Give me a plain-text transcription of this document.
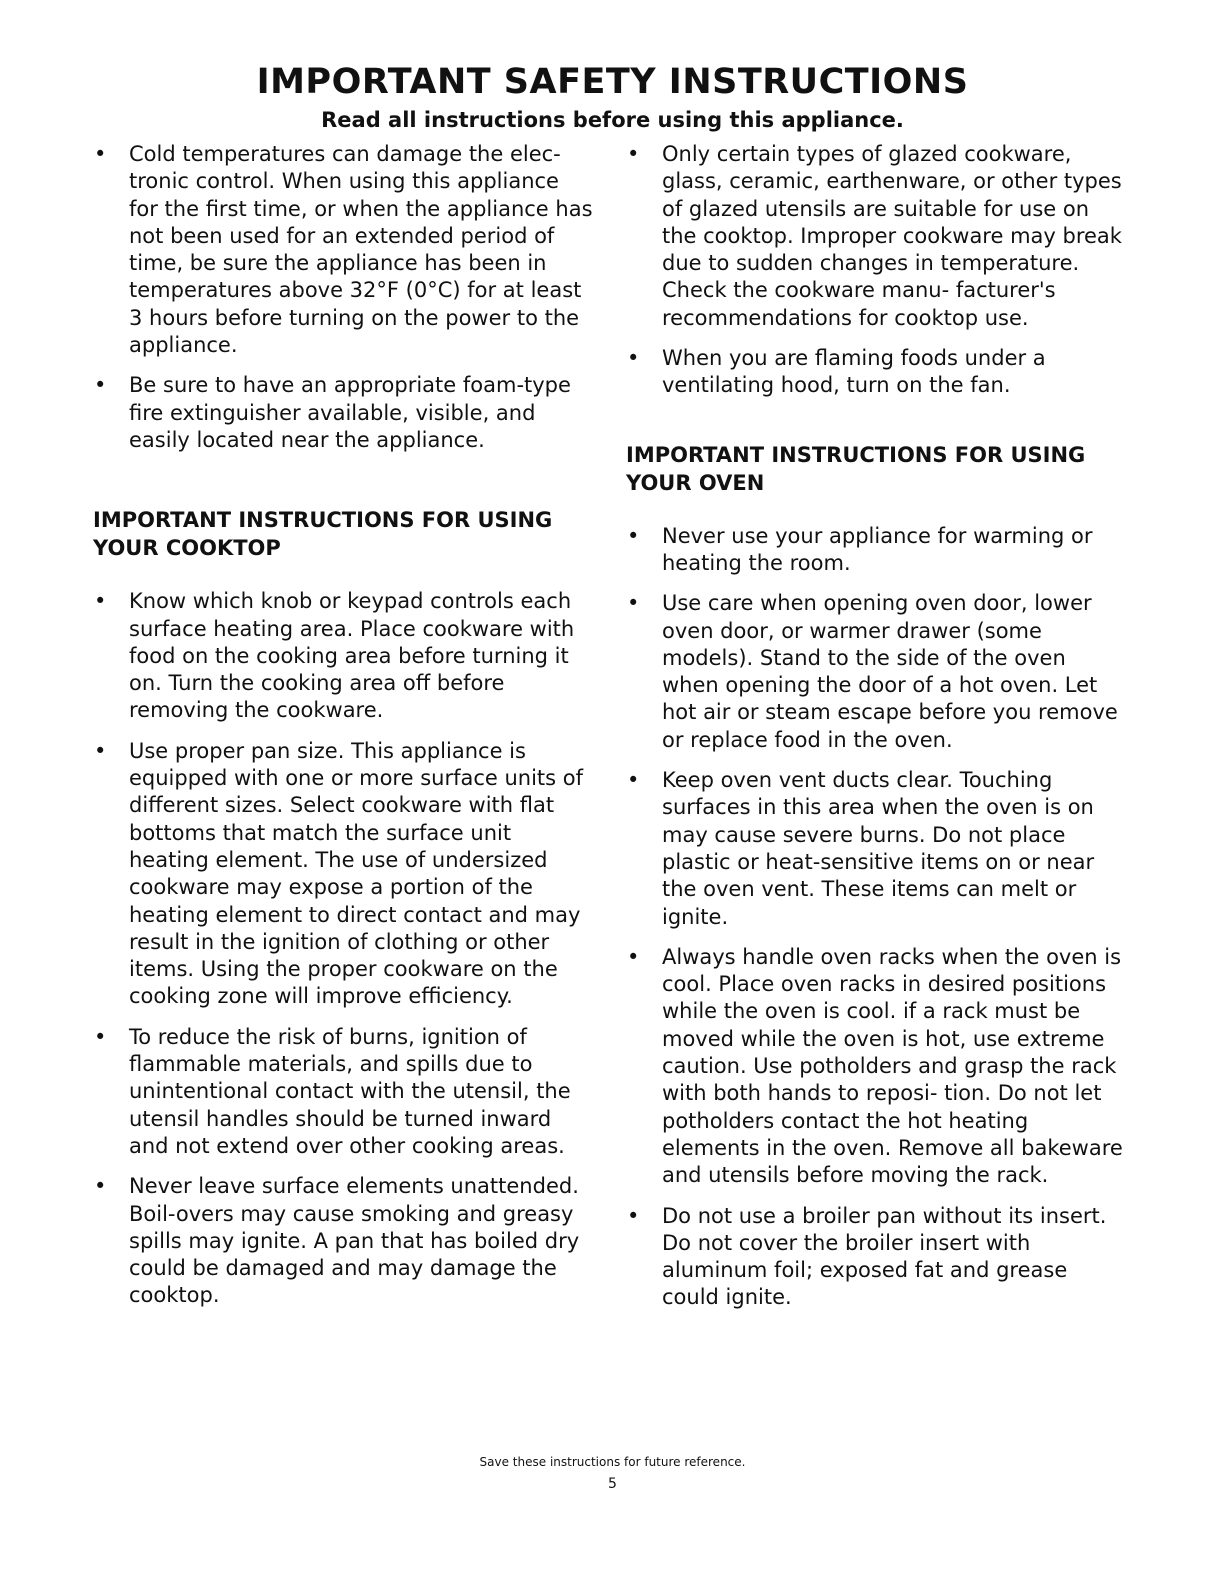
IMPORTANT SAFETY INSTRUCTIONS

Read all instructions before using this appliance.

• Cold temperatures can damage the elec- tronic control. When using this appliance for the first time, or when the appliance has not been used for an extended period of time, be sure the appliance has been in temperatures above 32°F (0°C) for at least 3 hours before turning on the power to the appliance.
• Be sure to have an appropriate foam-type fire extinguisher available, visible, and easily located near the appliance.
IMPORTANT INSTRUCTIONS FOR USING YOUR COOKTOP
• Know which knob or keypad controls each surface heating area. Place cookware with food on the cooking area before turning it on. Turn the cooking area off before removing the cookware.
• Use proper pan size. This appliance is equipped with one or more surface units of different sizes. Select cookware with flat bottoms that match the surface unit heating element. The use of undersized cookware may expose a portion of the heating element to direct contact and may result in the ignition of clothing or other items. Using the proper cookware on the cooking zone will improve efficiency.
• To reduce the risk of burns, ignition of flammable materials, and spills due to unintentional contact with the utensil, the utensil handles should be turned inward and not extend over other cooking areas.
• Never leave surface elements unattended. Boil-overs may cause smoking and greasy spills may ignite. A pan that has boiled dry could be damaged and may damage the cooktop.
• Only certain types of glazed cookware, glass, ceramic, earthenware, or other types of glazed utensils are suitable for use on the cooktop. Improper cookware may break due to sudden changes in temperature. Check the cookware manu- facturer's recommendations for cooktop use.
• When you are flaming foods under a ventilating hood, turn on the fan.
IMPORTANT INSTRUCTIONS FOR USING YOUR OVEN
• Never use your appliance for warming or heating the room.
• Use care when opening oven door, lower oven door, or warmer drawer (some models). Stand to the side of the oven when opening the door of a hot oven. Let hot air or steam escape before you remove or replace food in the oven.
• Keep oven vent ducts clear. Touching surfaces in this area when the oven is on may cause severe burns. Do not place plastic or heat-sensitive items on or near the oven vent. These items can melt or ignite.
• Always handle oven racks when the oven is cool. Place oven racks in desired positions while the oven is cool. if a rack must be moved while the oven is hot, use extreme caution. Use potholders and grasp the rack with both hands to reposi- tion. Do not let potholders contact the hot heating elements in the oven. Remove all bakeware and utensils before moving the rack.
• Do not use a broiler pan without its insert. Do not cover the broiler insert with aluminum foil; exposed fat and grease could ignite.

Save these instructions for future reference.

5
